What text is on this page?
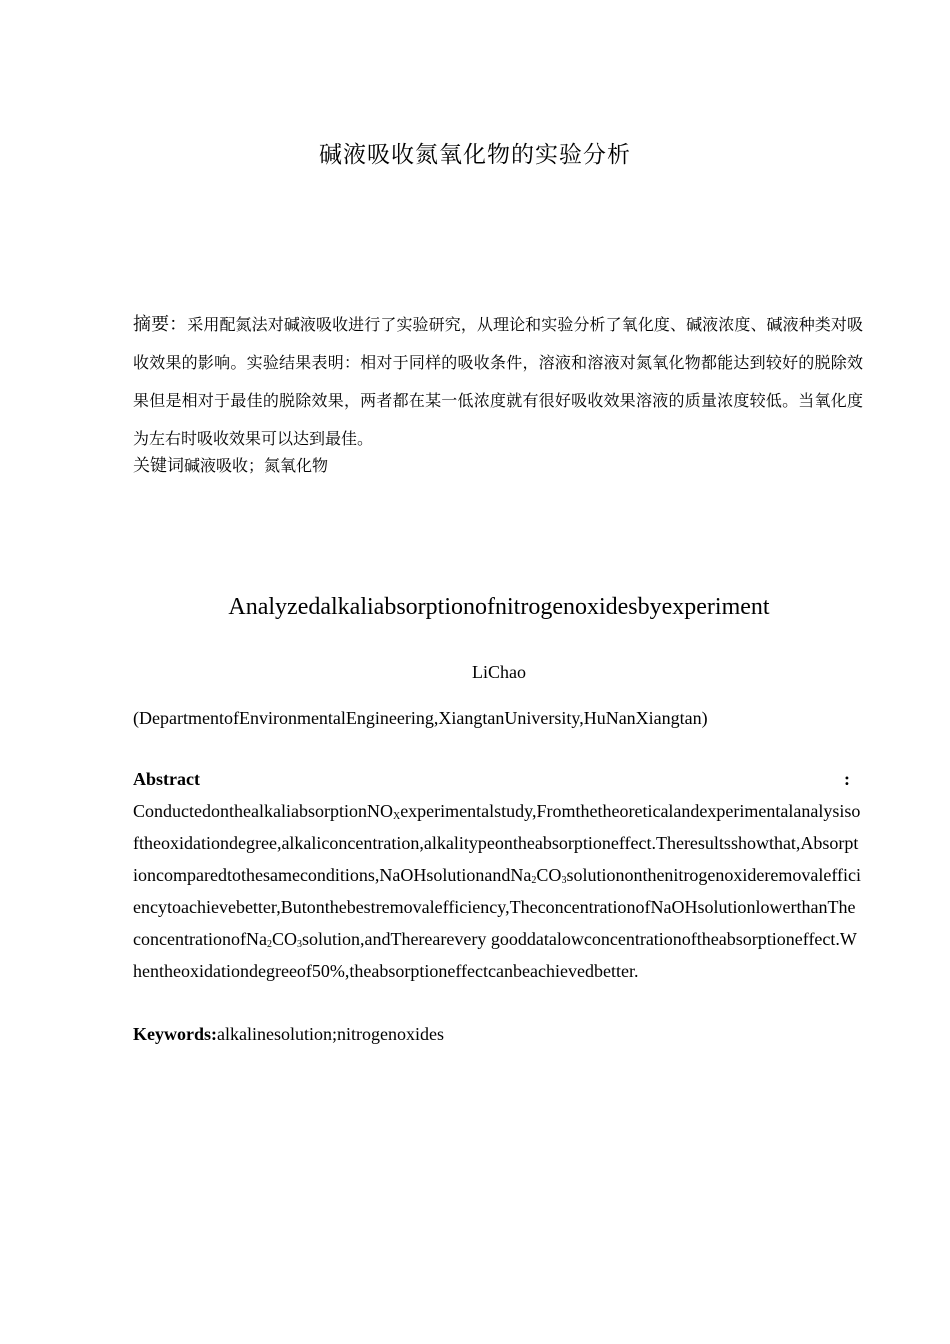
碱液吸收氮氧化物的实验分析
摘要：采用配氮法对碱液吸收进行了实验研究，从理论和实验分析了氧化度、碱液浓度、碱液种类对吸收效果的影响。实验结果表明：相对于同样的吸收条件，溶液和溶液对氮氧化物都能达到较好的脱除效果但是相对于最佳的脱除效果，两者都在某一低浓度就有很好吸收效果溶液的质量浓度较低。当氧化度为左右时吸收效果可以达到最佳。
关键词碱液吸收；氮氧化物
Analyzedalkaliabsorptionofnitrogenoxidesbyexperiment
LiChao
(DepartmentofEnvironmentalEngineering,XiangtanUniversity,HuNanXiangtan)
Abstract	:
ConductedonthealkaliabsorptionNO$_X$experimentalstudy,Fromthetheoreticalandexperimentalanalysisoftheoxidationdegree,alkaliconcentration,alkalitypeontheabsorptioneffect.Theresultsshowthat,Absorptioncomparedtothesameconditions,NaOHsolutionandNa$_2{}CO_3solutiononthenitrogenoxideremovalefficiencytoachievebetter,Butonthebestremovalefficiency,TheconcentrationofNaOHsoluti{}onlowerthanTheconcentrationofNa_2CO_3solution,andTherearevery$ gooddatalowconcentrationoftheabsorptioneffect.Whentheoxidationdegreeof50%,theabsorptioneffectcanbeachievedbetter.
Keywords:alkalinesolution;nitrogenoxides
